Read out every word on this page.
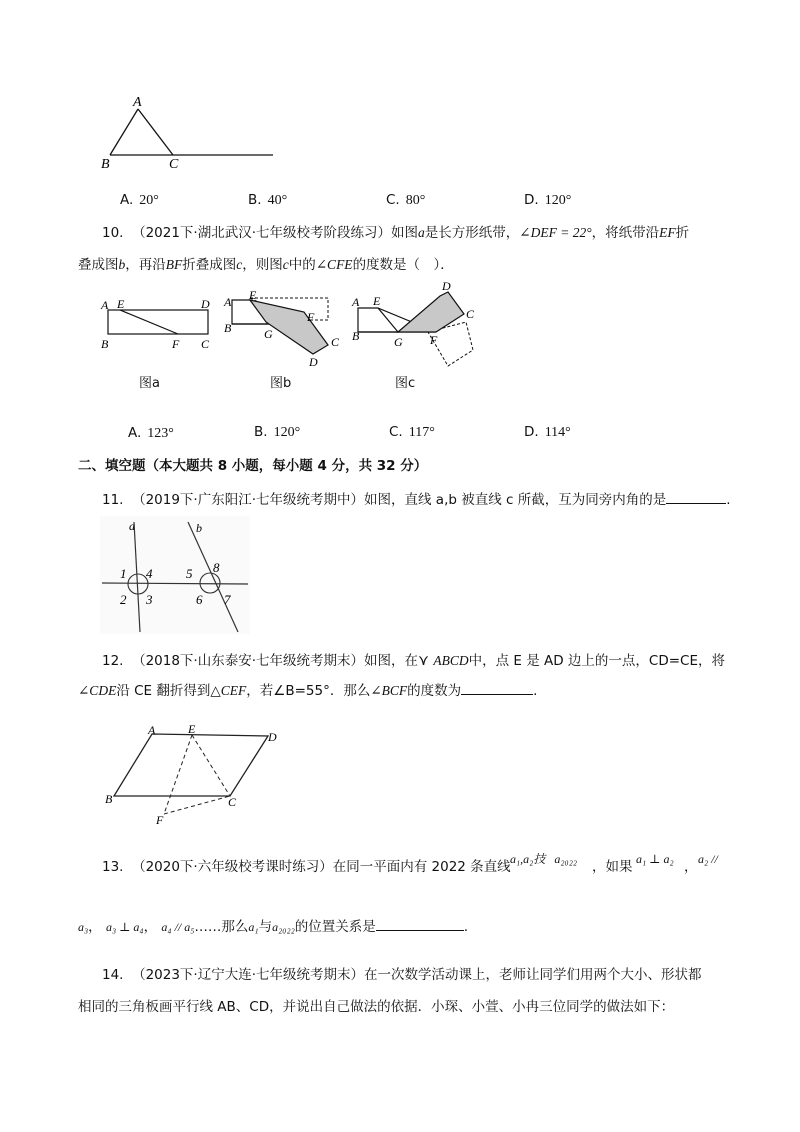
A
B	C
A. 20°	B. 40°	C. 80°	D. 120°
10. （2021下·湖北武汉·七年级校考阶段练习）如图a是长方形纸带，∠DEF = 22°，将纸带沿EF折
叠成图b，再沿BF折叠成图c，则图c中的∠CFE的度数是（　）．
A E	D
B	F C
图a
A E
B
F
G
C
D
图b
A E
B	G F
D
C
图c
A. 123°	B. 120°	C. 117°	D. 114°
二、填空题（本大题共 8 小题，每小题 4 分，共 32 分）
11. （2019下·广东阳江·七年级统考期中）如图，直线 a,b 被直线 c 所截，互为同旁内角的是	.
a	b
1 4
2 3
5 8
6 7
12. （2018下·山东泰安·七年级统考期末）如图，在⋎ ABCD中，点 E 是 AD 边上的一点，CD=CE，将
∠CDE沿 CE 翻折得到△CEF，若∠B=55°．那么∠BCF的度数为	.
A	E
D
B	C
F
13. （2020下·六年级校考课时练习）在同一平面内有 2022 条直线 a₁,a₂技 a₂₀₂₂ ，如果 a₁ ⊥ a₂ ， a₂ //
a₃， a₃ ⊥ a₄， a₄ // a₅……那么a₁与a₂₀₂₂的位置关系是	.
14. （2023下·辽宁大连·七年级统考期末）在一次数学活动课上，老师让同学们用两个大小、形状都
相同的三角板画平行线 AB、CD，并说出自己做法的依据．小琛、小萱、小冉三位同学的做法如下：
